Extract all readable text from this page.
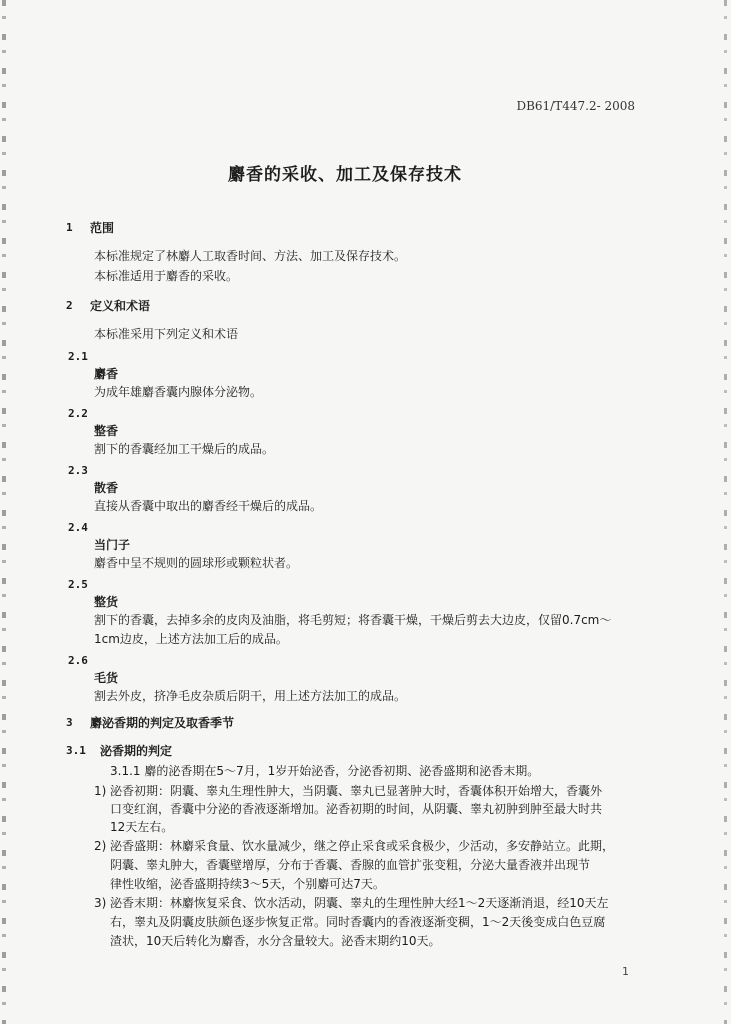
DB61/T447.2- 2008
麝香的采收、加工及保存技术
1 范围
本标准规定了林麝人工取香时间、方法、加工及保存技术。
本标准适用于麝香的采收。
2 定义和术语
本标准采用下列定义和术语
2.1
麝香
为成年雄麝香囊内腺体分泌物。
2.2
整香
割下的香囊经加工干燥后的成品。
2.3
散香
直接从香囊中取出的麝香经干燥后的成品。
2.4
当门子
麝香中呈不规则的圆球形或颗粒状者。
2.5
整货
割下的香囊，去掉多余的皮肉及油脂，将毛剪短；将香囊干燥，干燥后剪去大边皮，仅留0.7cm～
1cm边皮，上述方法加工后的成品。
2.6
毛货
割去外皮，挤净毛皮杂质后阴干，用上述方法加工的成品。
3 麝泌香期的判定及取香季节
3.1 泌香期的判定
3.1.1 麝的泌香期在5～7月，1岁开始泌香，分泌香初期、泌香盛期和泌香末期。
1) 泌香初期：阴囊、睾丸生理性肿大，当阴囊、睾丸已显著肿大时，香囊体积开始增大，香囊外
口变红润，香囊中分泌的香液逐渐增加。泌香初期的时间，从阴囊、睾丸初肿到肿至最大时共
12天左右。
2) 泌香盛期：林麝采食量、饮水量减少，继之停止采食或采食极少，少活动，多安静站立。此期，
阴囊、睾丸肿大，香囊壁增厚，分布于香囊、香腺的血管扩张变粗，分泌大量香液并出现节
律性收缩，泌香盛期持续3～5天，个别麝可达7天。
3) 泌香末期：林麝恢复采食、饮水活动，阴囊、睾丸的生理性肿大经1～2天逐渐消退，经10天左
右，睾丸及阴囊皮肤颜色逐步恢复正常。同时香囊内的香液逐渐变稠，1～2天後变成白色豆腐
渣状，10天后转化为麝香，水分含量较大。泌香末期约10天。
1
